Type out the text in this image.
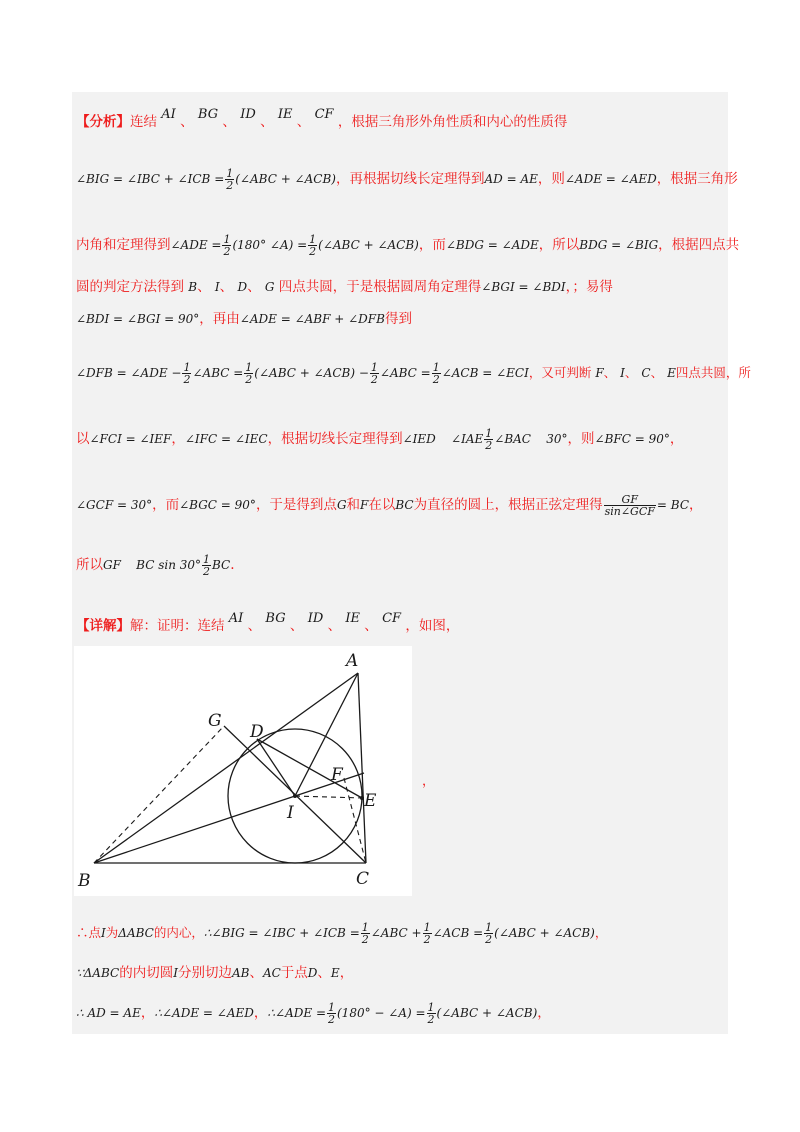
【分析】连结 AI 、 BG 、 ID 、 IE 、 CF ，根据三角形外角性质和内心的性质得
∠BIG = ∠IBC + ∠ICB = $\frac{1}{2}$ (∠ABC + ∠ACB)，再根据切线长定理得到AD = AE，则∠ADE = ∠AED，根据三角形
内角和定理得到∠ADE = $\frac{1}{2} (180^\circ$ ∠A) = $\frac{1}{2}$ (∠ABC + ∠ACB)，而∠BDG = ∠ADE，所以BDG = ∠BIG，根据四点共
圆的判定方法得到 B、 I、 D、 G 四点共圆，于是根据圆周角定理得∠BGI = ∠BDI，；易得
∠BDI = ∠BGI = 90°，再由∠ADE = ∠ABF + ∠DFB得到
∠DFB = ∠ADE − $\frac{1}{2}$ ∠ABC = $\frac{1}{2}$ (∠ABC + ∠ACB) − $\frac{1}{2}$ ∠ABC = $\frac{1}{2}$ ∠ACB = ∠ECI，又可判断 F、 I、 C、 E四点共圆，所
以∠FCI = ∠IEF，∠IFC = ∠IEC，根据切线长定理得到∠IED    ∠IAE $\frac{1}{2}$ ∠BAC    30°，则∠BFC = 90°，
∠GCF = 30°，而∠BGC = 90°，于是得到点G和F在以BC为直径的圆上，根据正弦定理得 $\frac{GF}{\text{sin∠GCF}}$ = BC，
所以GF    BC $\sin 30^\circ \frac{1}{2}$ BC.
【详解】解：证明：连结 AI 、 BG 、 ID 、 IE 、 CF ，如图，
A
B	C
D
E
F
G
I
，
∴点I为ΔABC的内心，∴∠BIG = ∠IBC + ∠ICB = $\frac{1}{2}$ ∠ABC + $\frac{1}{2}$ ∠ACB = $\frac{1}{2}$ (∠ABC + ∠ACB)，
∵ΔABC的内切圆I分别切边AB、AC于点D、E，
∴ AD = AE，∴∠ADE = ∠AED，∴∠ADE = $\frac{1}{2} (180^\circ$ − ∠A) = $\frac{1}{2}$ (∠ABC + ∠ACB)，
